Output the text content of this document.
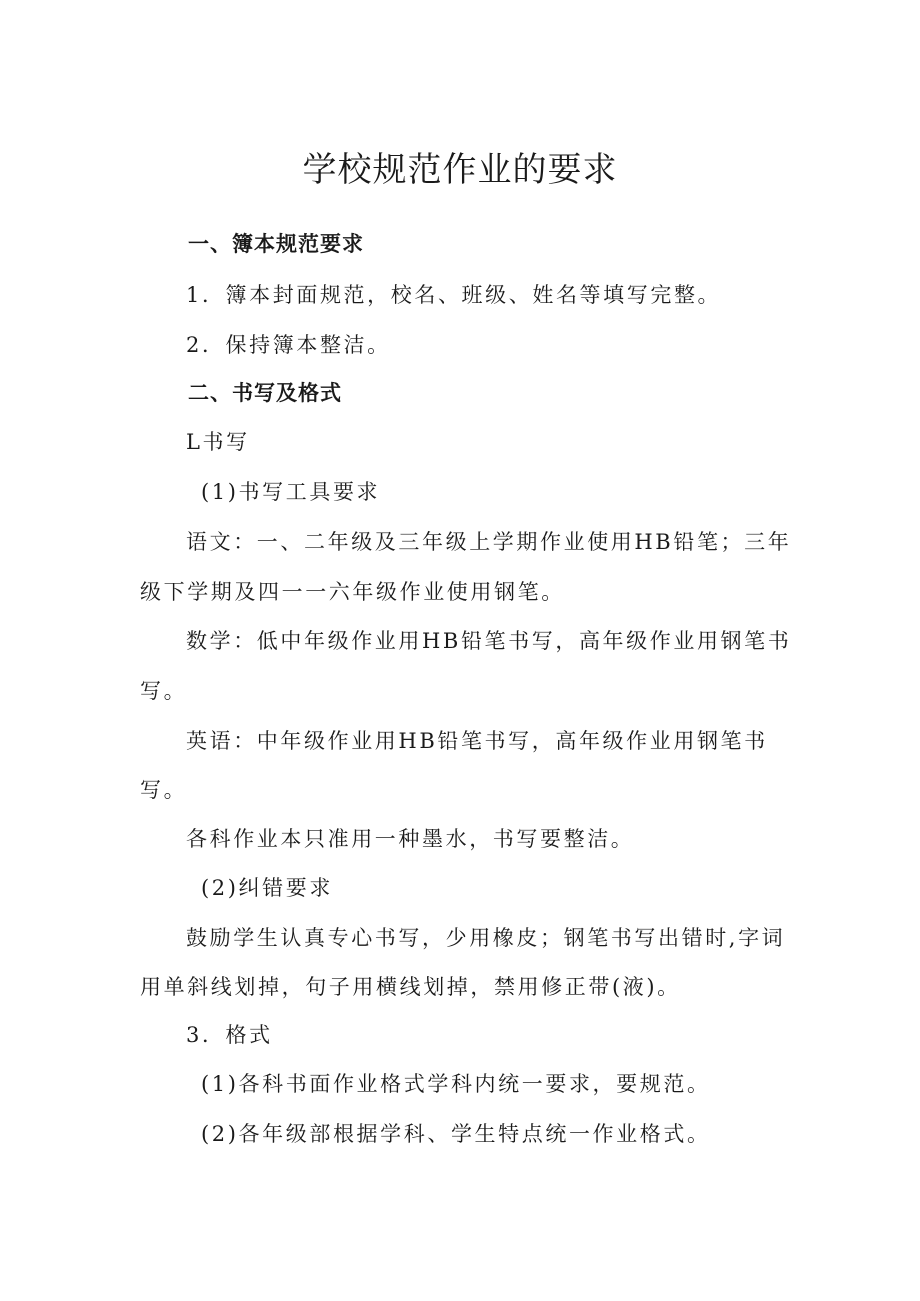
学校规范作业的要求

一、簿本规范要求

1．簿本封面规范，校名、班级、姓名等填写完整。

2．保持簿本整洁。

二、书写及格式

L书写

(1)书写工具要求

语文：一、二年级及三年级上学期作业使用HB铅笔；三年

级下学期及四一一六年级作业使用钢笔。

数学：低中年级作业用HB铅笔书写，高年级作业用钢笔书

写。

英语：中年级作业用HB铅笔书写，高年级作业用钢笔书

写。

各科作业本只准用一种墨水，书写要整洁。

(2)纠错要求

鼓励学生认真专心书写，少用橡皮；钢笔书写出错时,字词

用单斜线划掉，句子用横线划掉，禁用修正带(液)。

3．格式

(1)各科书面作业格式学科内统一要求，要规范。

(2)各年级部根据学科、学生特点统一作业格式。
